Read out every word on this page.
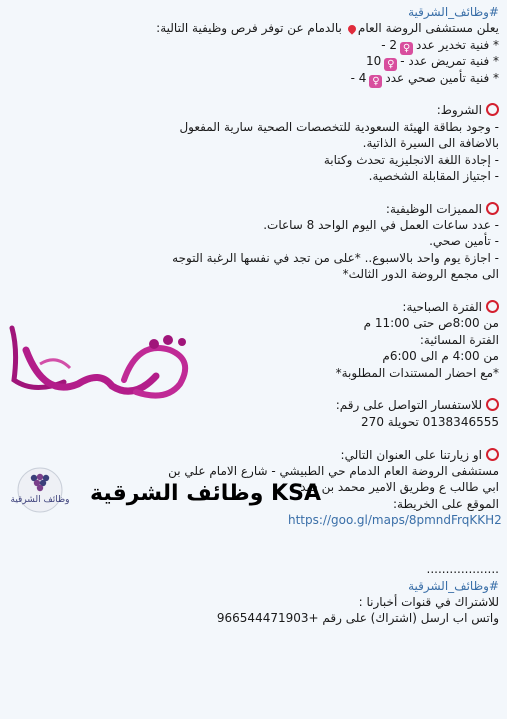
#وظائف_الشرقية
يعلن مستشفى الروضة العامبالدمام عن توفر فرص وظيفية التالية:
* فنية تخدير عدد♀2 -
* فنية تمريض عدد -♀10
* فنية تأمين صحي عدد♀4 -
الشروط:
- وجود بطاقة الهيئة السعودية للتخصصات الصحية سارية المفعول
بالاضافة الى السيرة الذاتية.
- إجادة اللغة الانجليزية تحدث وكتابة
- اجتياز المقابلة الشخصية.
المميزات الوظيفية:
- عدد ساعات العمل في اليوم الواحد 8 ساعات.
- تأمين صحي.
- اجازة يوم واحد بالاسبوع.. *على من تجد في نفسها الرغبة التوجه
الى مجمع الروضة الدور الثالث*
الفترة الصباحية:
من 8:00ص حتى 11:00 م
الفترة المسائية:
من 4:00 م الى 6:00م
*مع احضار المستندات المطلوبة*
للاستفسار التواصل على رقم:
0138346555 تحويلة 270
او زيارتنا على العنوان التالي:
مستشفى الروضة العام الدمام حي الطبيشي - شارع الامام علي بن
ابي طالب ع وطريق الامير محمد بن فهد
الموقع على الخريطة:
https://goo.gl/maps/8pmndFrqKKH2
...................
#وظائف_الشرقية
للاشتراك في قنوات أخبارنا :
واتس اب ارسل (اشتراك) على رقم +966544471903
وظائف الشرقية وظائف الشرقية KSA
